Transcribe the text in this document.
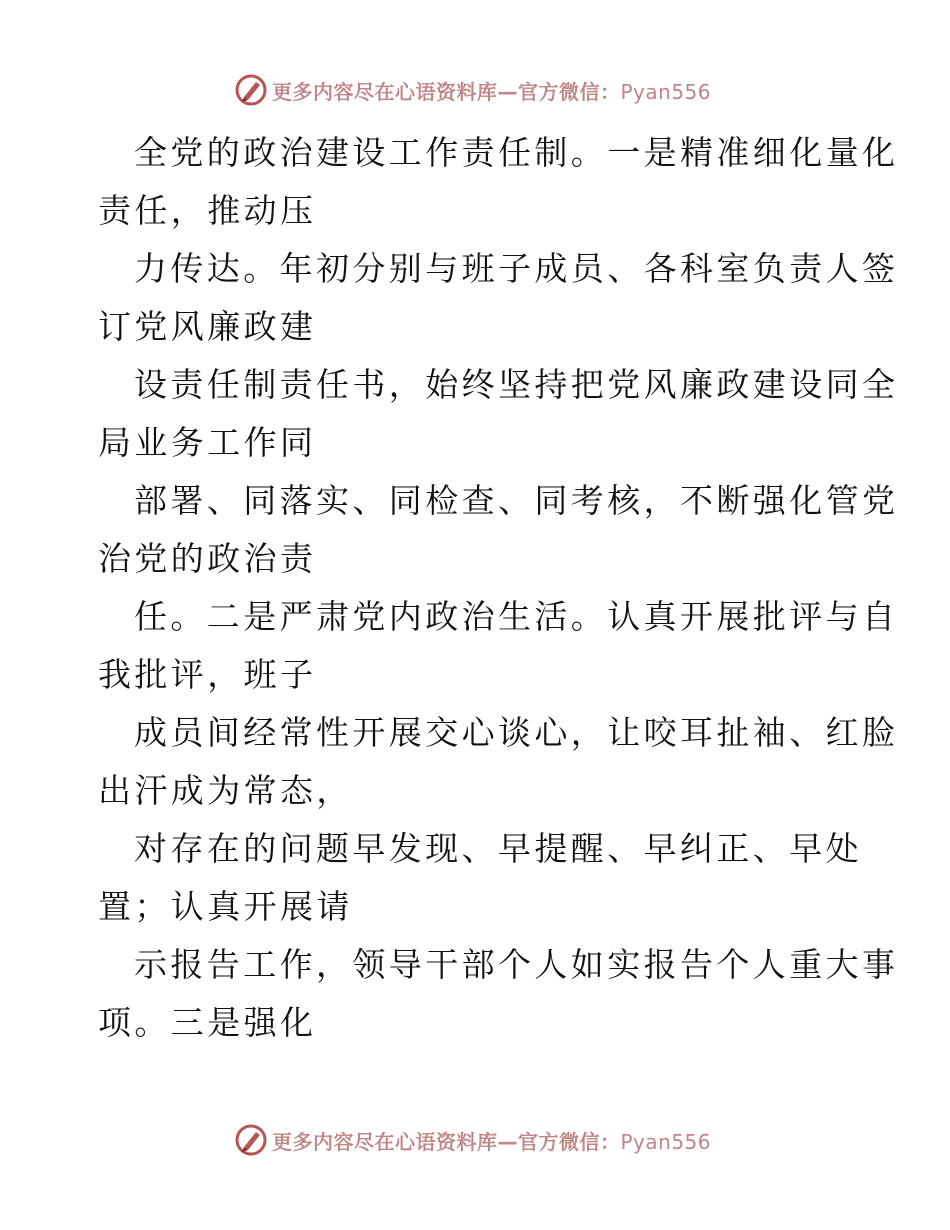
更多内容尽在心语资料库—官方微信：Pyan556
全党的政治建设工作责任制。一是精准细化量化
责任，推动压
力传达。年初分别与班子成员、各科室负责人签
订党风廉政建
设责任制责任书，始终坚持把党风廉政建设同全
局业务工作同
部署、同落实、同检查、同考核，不断强化管党
治党的政治责
任。二是严肃党内政治生活。认真开展批评与自
我批评，班子
成员间经常性开展交心谈心，让咬耳扯袖、红脸
出汗成为常态，
对存在的问题早发现、早提醒、早纠正、早处
置；认真开展请
示报告工作，领导干部个人如实报告个人重大事
项。三是强化
更多内容尽在心语资料库—官方微信：Pyan556
